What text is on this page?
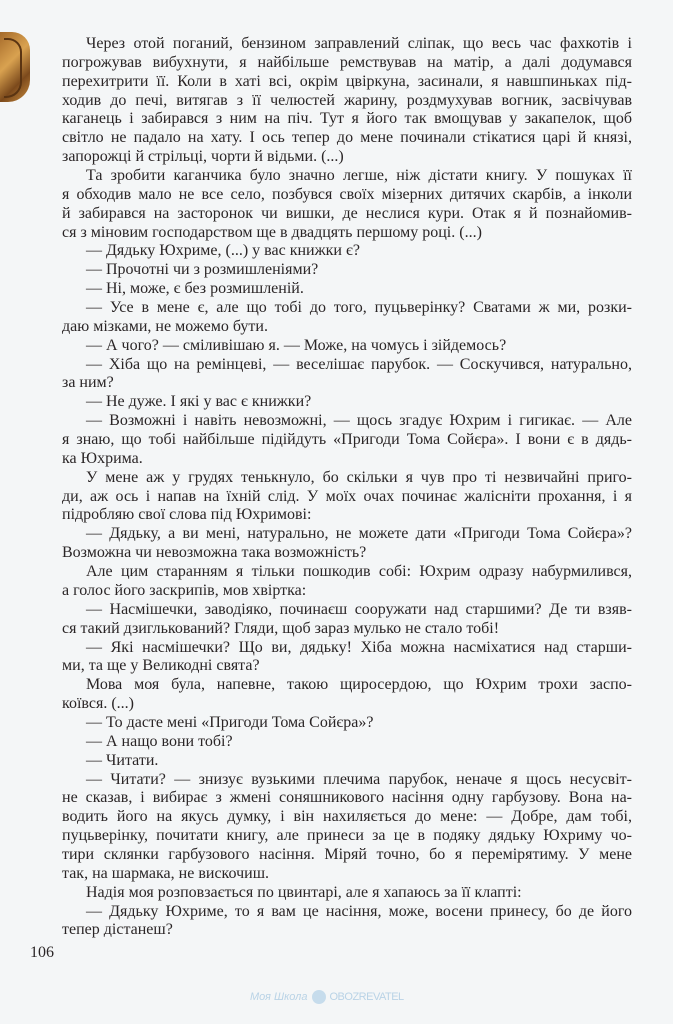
Через отой поганий, бензином заправлений сліпак, що весь час фахкотів і
погрожував вибухнути, я найбільше ремствував на матір, а далі додумався
перехитрити її. Коли в хаті всі, окрім цвіркуна, засинали, я навшпиньках під-
ходив до печі, витягав з її челюстей жарину, роздмухував вогник, засвічував
каганець і забирався з ним на піч. Тут я його так вмощував у закапелок, щоб
світло не падало на хату. І ось тепер до мене починали стікатися царі й князі,
запорожці й стрільці, чорти й відьми. (...)
Та зробити каганчика було значно легше, ніж дістати книгу. У пошуках її
я обходив мало не все село, позбувся своїх мізерних дитячих скарбів, а інколи
й забирався на засторонок чи вишки, де неслися кури. Отак я й познайомив-
ся з міновим господарством ще в двадцять першому році. (...)
— Дядьку Юхриме, (...) у вас книжки є?
— Прочотні чи з розмишленіями?
— Ні, може, є без розмишленій.
— Усе в мене є, але що тобі до того, пуцьверінку? Сватами ж ми, розки-
даю мізками, не можемо бути.
— А чого? — сміливішаю я. — Може, на чомусь і зійдемось?
— Хіба що на ремінцеві, — веселішає парубок. — Соскучився, натурально,
за ним?
— Не дуже. І які у вас є книжки?
— Возможні і навіть невозможні, — щось згадує Юхрим і гигикає. — Але
я знаю, що тобі найбільше підійдуть «Пригоди Тома Сойєра». І вони є в дядь-
ка Юхрима.
У мене аж у грудях тенькнуло, бо скільки я чув про ті незвичайні приго-
ди, аж ось і напав на їхній слід. У моїх очах починає жалісніти прохання, і я
підробляю свої слова під Юхримові:
— Дядьку, а ви мені, натурально, не можете дати «Пригоди Тома Сойєра»?
Возможна чи невозможна така возможність?
Але цим старанням я тільки пошкодив собі: Юхрим одразу набурмилився,
а голос його заскрипів, мов хвіртка:
— Насмішечки, заводіяко, починаєш сооружати над старшими? Де ти взяв-
ся такий дзиглькований? Гляди, щоб зараз мулько не стало тобі!
— Які насмішечки? Що ви, дядьку! Хіба можна насміхатися над старши-
ми, та ще у Великодні свята?
Мова моя була, напевне, такою щиросердою, що Юхрим трохи заспо-
коївся. (...)
— То дасте мені «Пригоди Тома Сойєра»?
— А нащо вони тобі?
— Читати.
— Читати? — знизує вузькими плечима парубок, неначе я щось несусвіт-
не сказав, і вибирає з жмені соняшникового насіння одну гарбузову. Вона на-
водить його на якусь думку, і він нахиляється до мене: — Добре, дам тобі,
пуцьверінку, почитати книгу, але принеси за це в подяку дядьку Юхриму чо-
тири склянки гарбузового насіння. Міряй точно, бо я перемірятиму. У мене
так, на шармака, не вискочиш.
Надія моя розповзається по цвинтарі, але я хапаюсь за її клапті:
— Дядьку Юхриме, то я вам це насіння, може, восени принесу, бо де його
тепер дістанеш?
106
Моя Школа OBOZREVATEL
